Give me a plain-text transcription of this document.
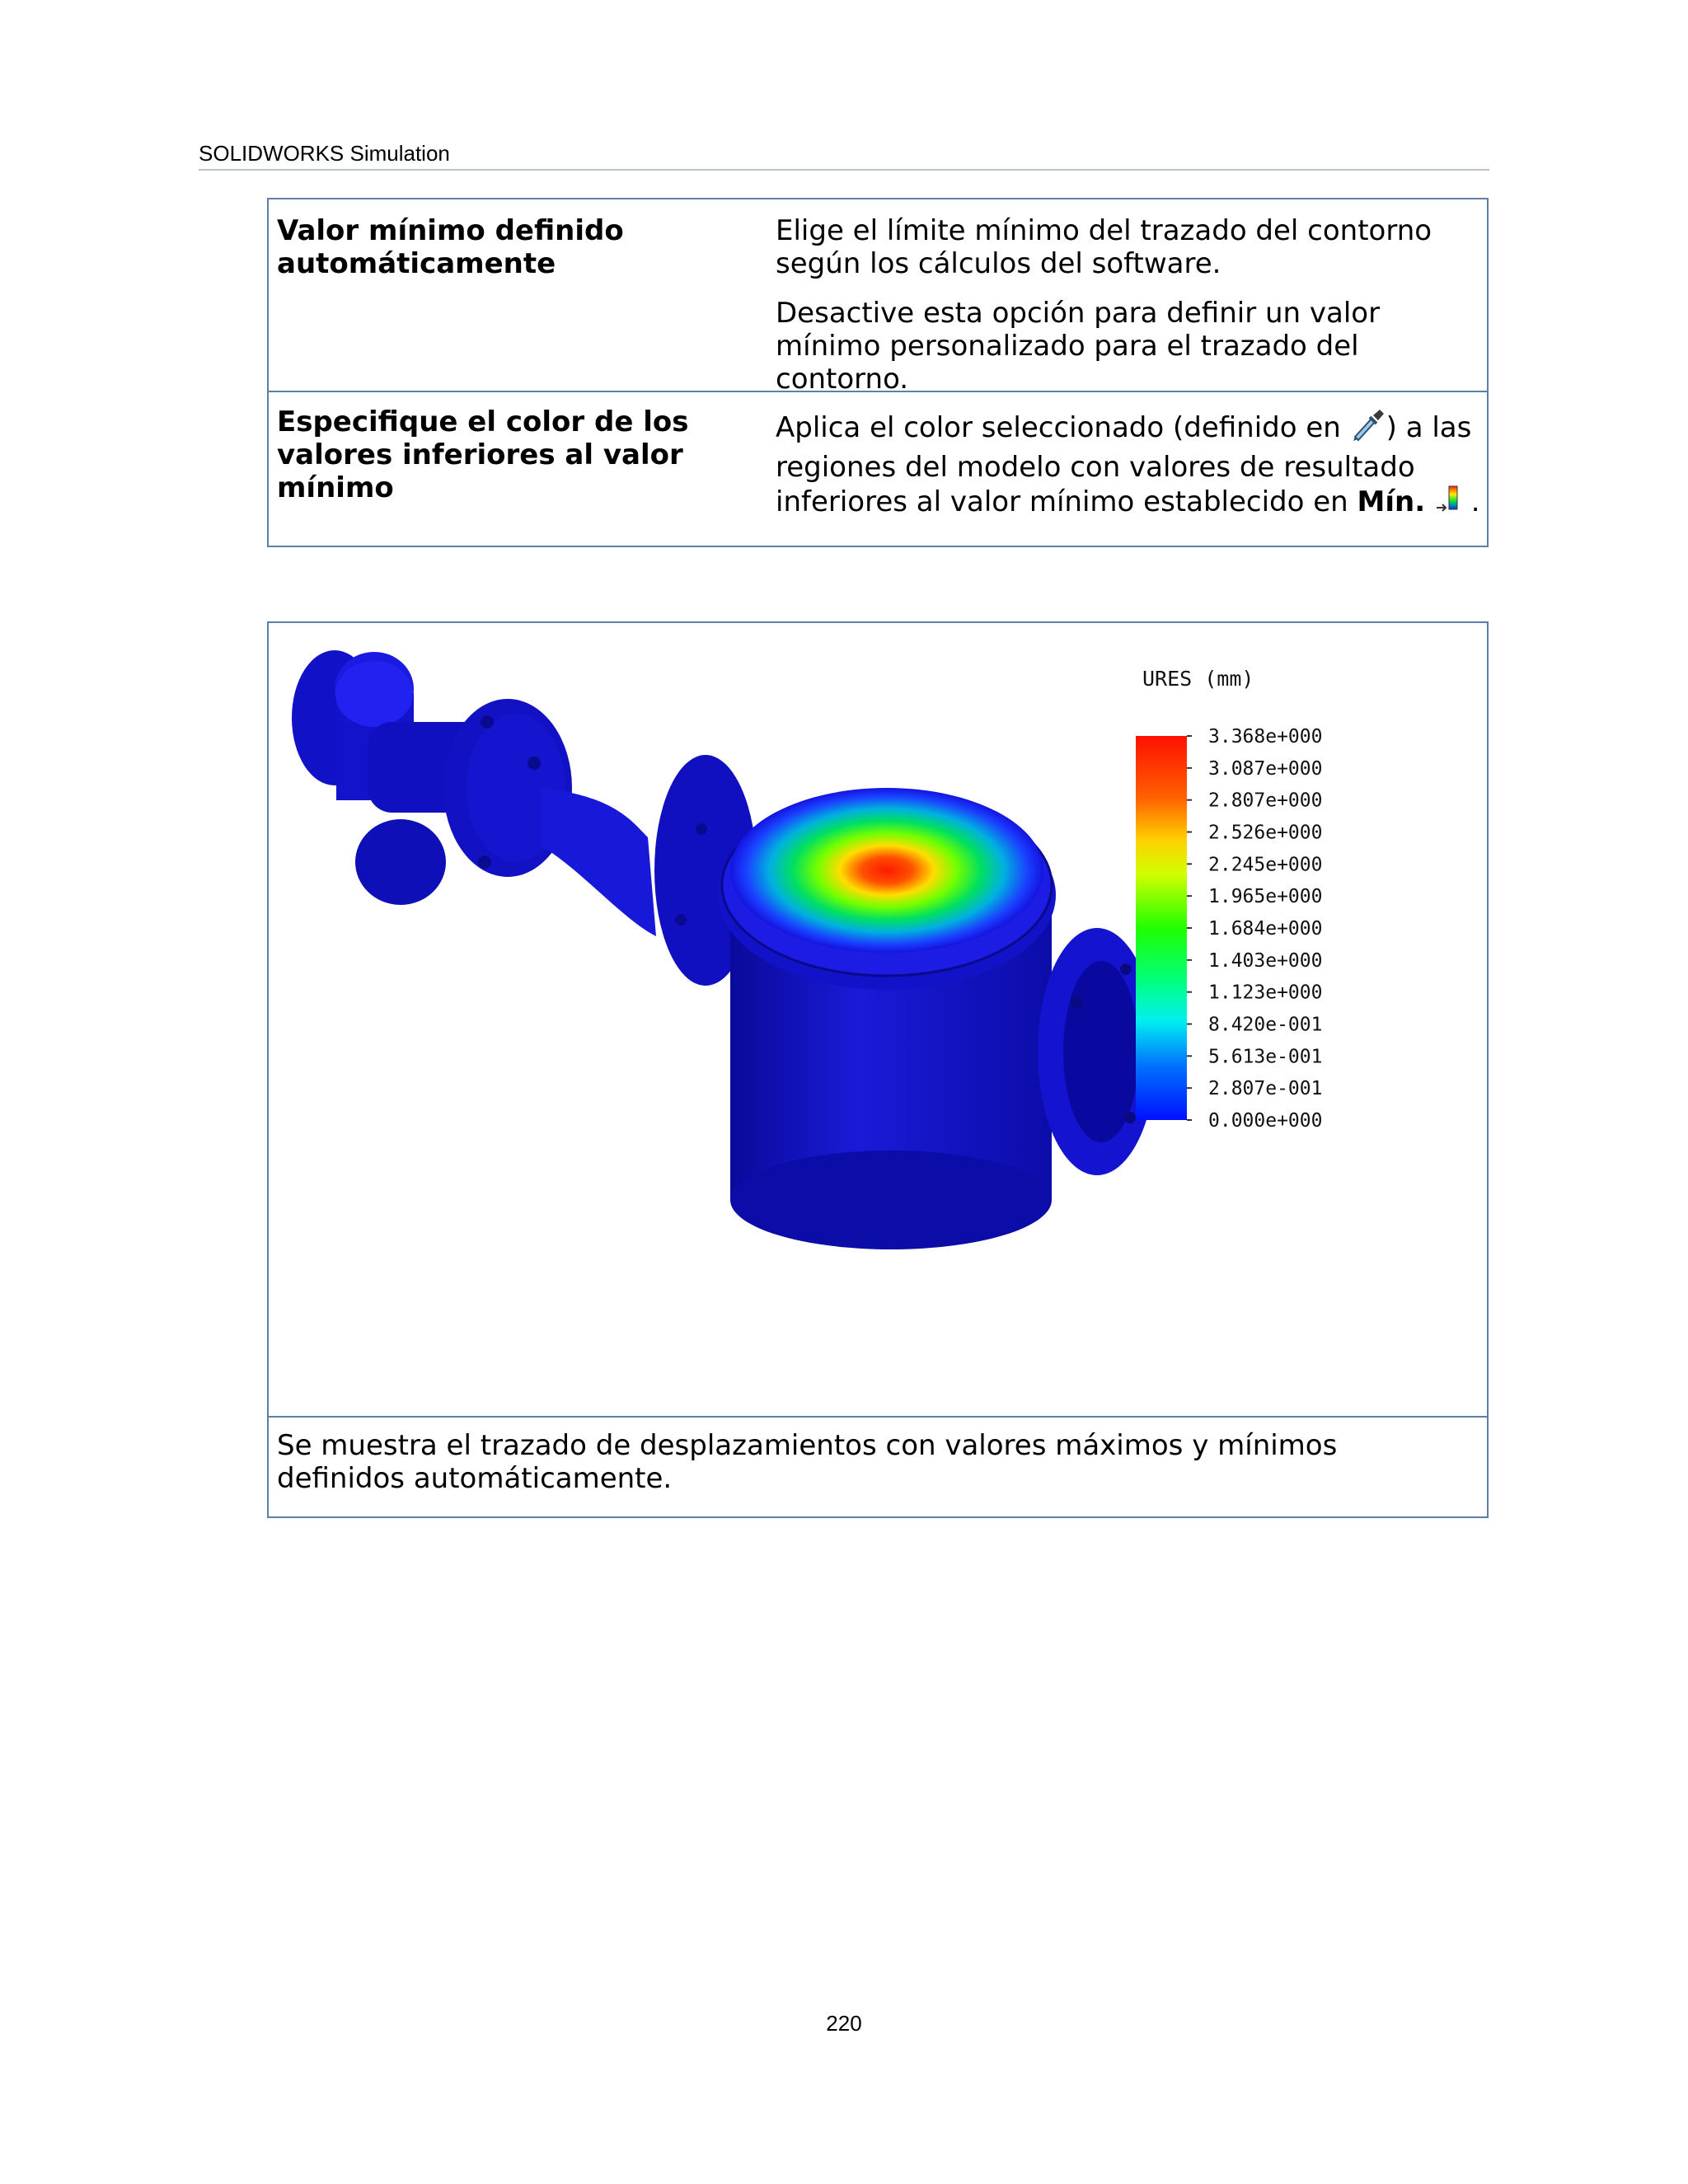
SOLIDWORKS Simulation
Valor mínimo definido automáticamente
Elige el límite mínimo del trazado del contorno según los cálculos del software.
Desactive esta opción para definir un valor mínimo personalizado para el trazado del contorno.
Especifique el color de los valores inferiores al valor mínimo
Aplica el color seleccionado (definido en ) a las regiones del modelo con valores de resultado inferiores al valor mínimo establecido en Mín.  .
URES (mm)
3.368e+000
3.087e+000
2.807e+000
2.526e+000
2.245e+000
1.965e+000
1.684e+000
1.403e+000
1.123e+000
8.420e-001
5.613e-001
2.807e-001
0.000e+000
Se muestra el trazado de desplazamientos con valores máximos y mínimos definidos automáticamente.
220
